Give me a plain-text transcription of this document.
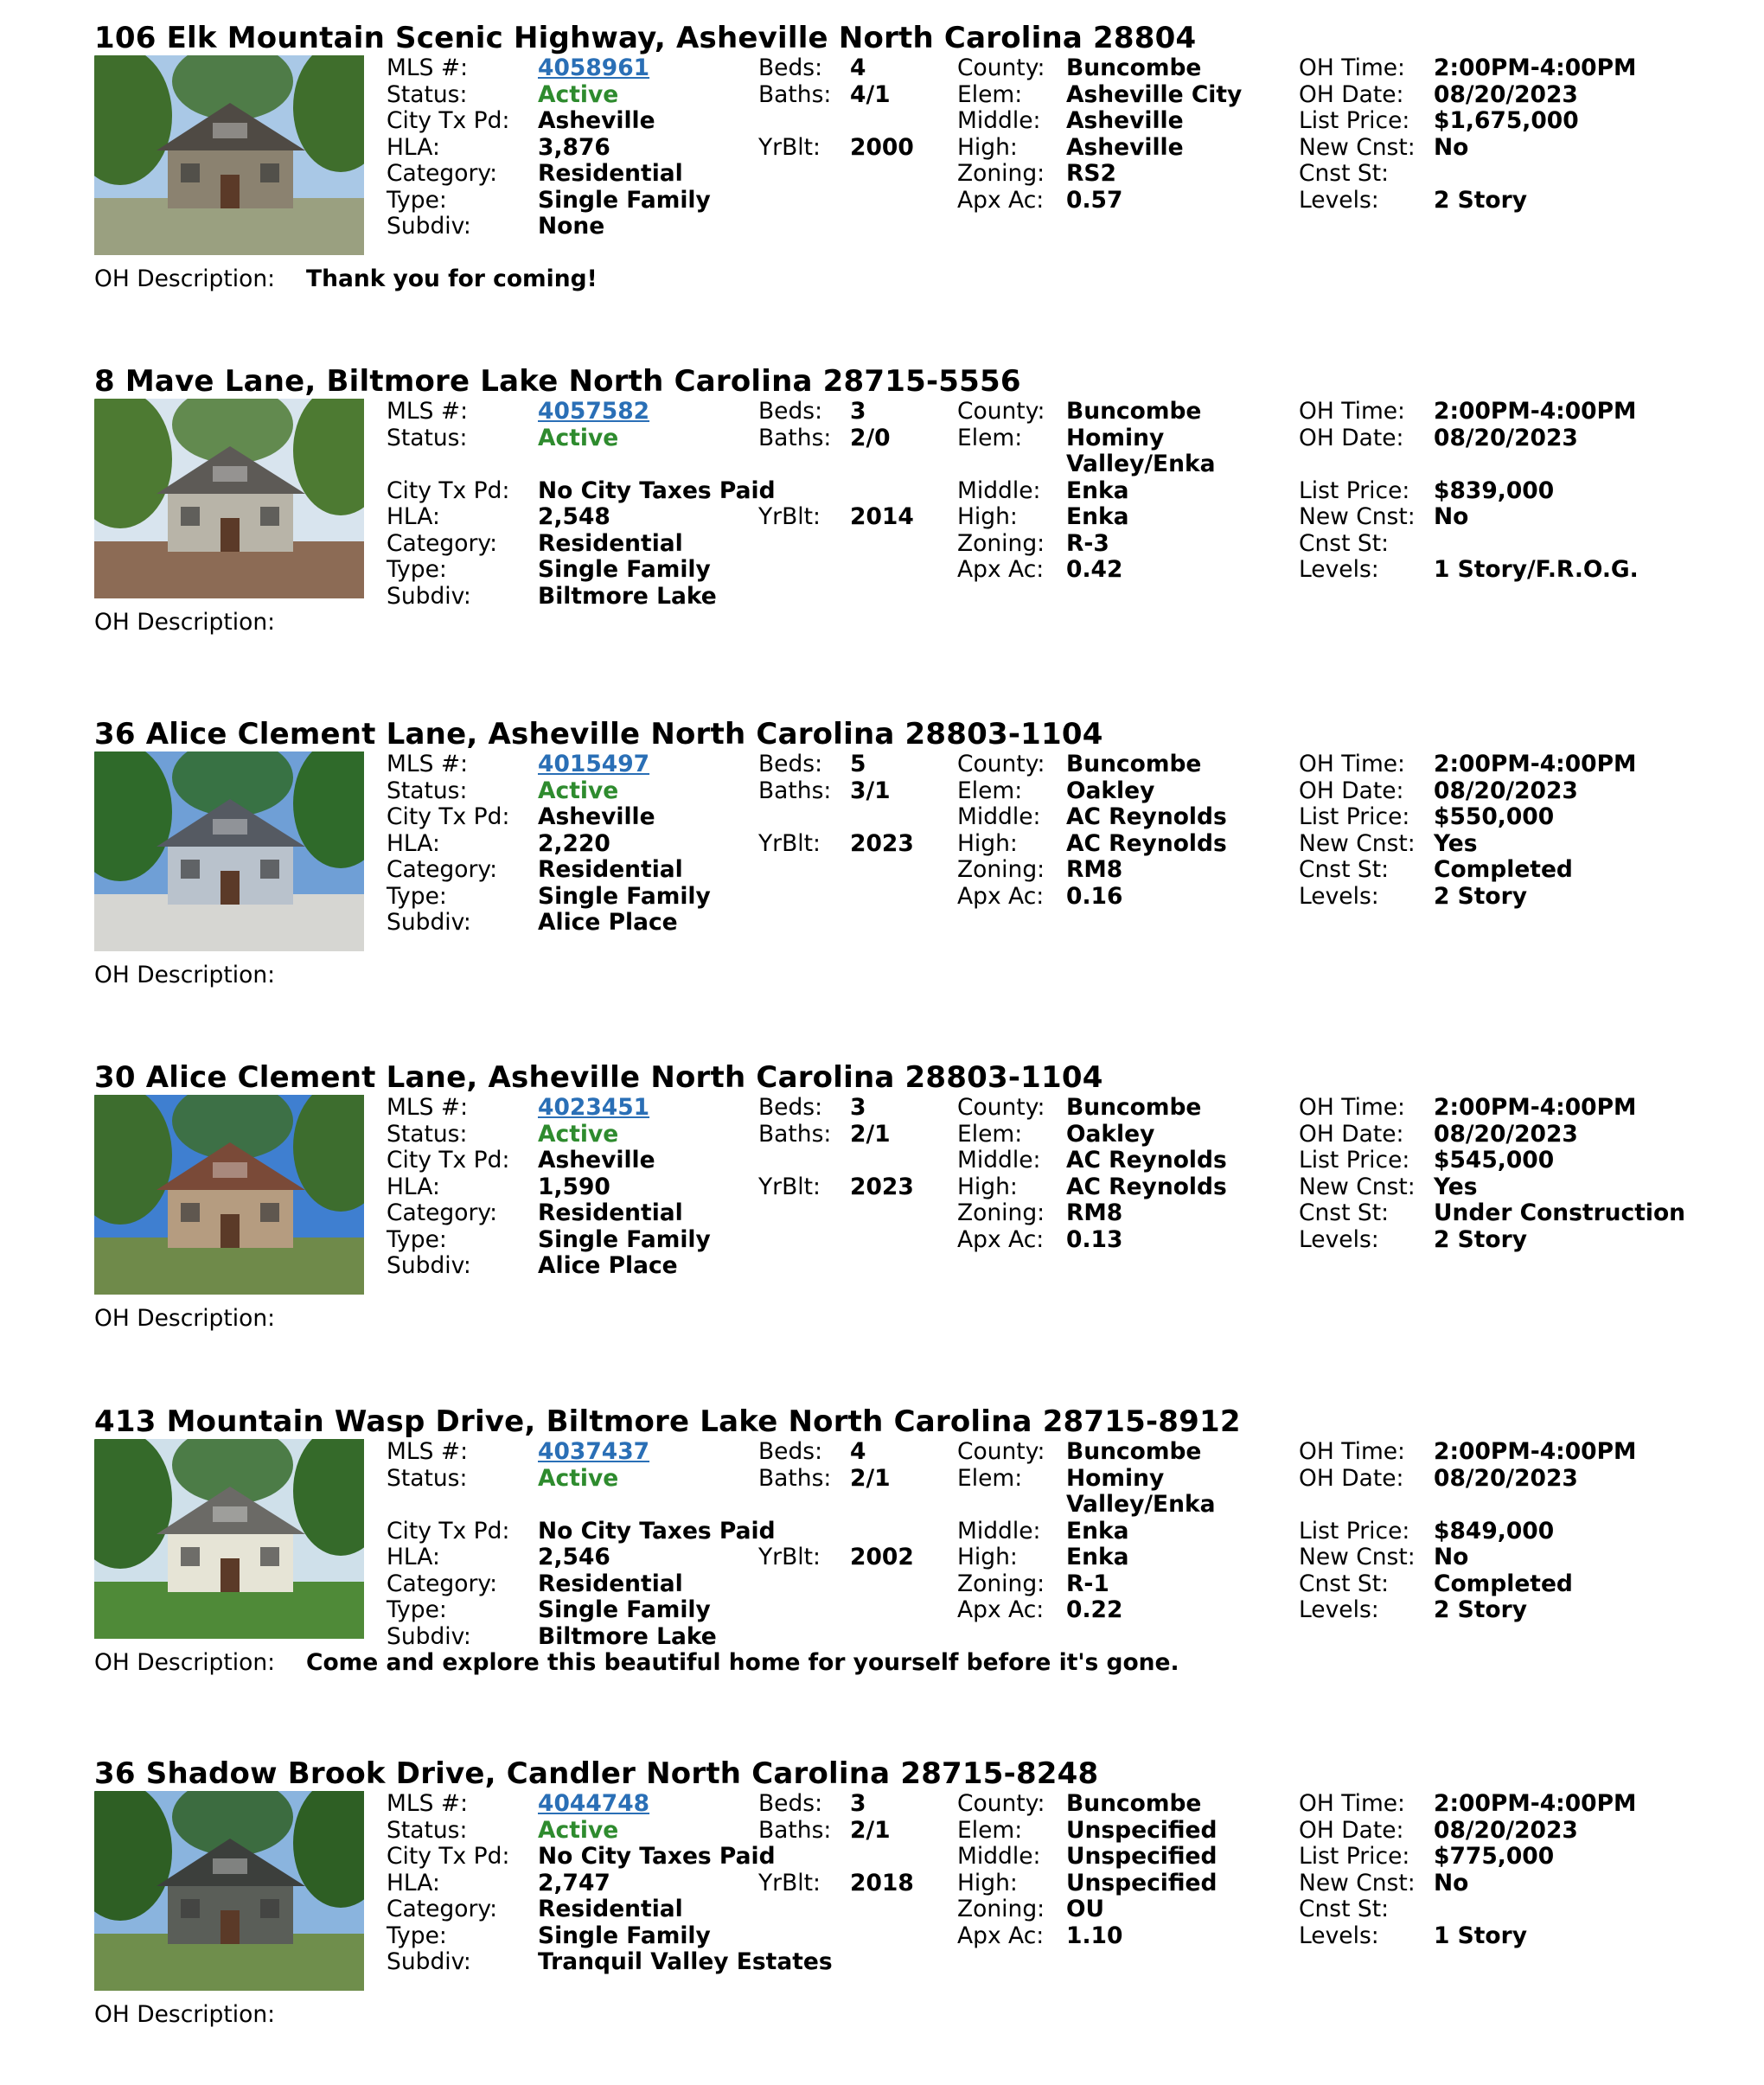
106 Elk Mountain Scenic Highway, Asheville North Carolina 28804
MLS #:	4058961
Status:	Active
City Tx Pd: Asheville
HLA:	3,876
Category: Residential
Type:	Single Family
Subdiv:	None
Beds: 4
Baths: 4/1
YrBlt: 2000
County: Buncombe
Elem: Asheville City
Middle: Asheville
High: Asheville
Zoning: RS2
Apx Ac: 0.57
OH Time: 2:00PM-4:00PM
OH Date: 08/20/2023
List Price: $1,675,000
New Cnst: No
Cnst St:
Levels: 2 Story
OH Description: Thank you for coming!
8 Mave Lane, Biltmore Lake North Carolina 28715-5556
MLS #:	4057582
Status:	Active
City Tx Pd: No City Taxes Paid
HLA:	2,548
Category: Residential
Type:	Single Family
Subdiv:	Biltmore Lake
Beds: 3
Baths: 2/0
YrBlt: 2014
County: Buncombe
Elem: Hominy
Valley/Enka
Middle: Enka
High: Enka
Zoning: R-3
Apx Ac: 0.42
OH Time: 2:00PM-4:00PM
OH Date: 08/20/2023
List Price: $839,000
New Cnst: No
Cnst St:
Levels: 1 Story/F.R.O.G.
OH Description:
36 Alice Clement Lane, Asheville North Carolina 28803-1104
MLS #:	4015497
Status:	Active
City Tx Pd: Asheville
HLA:	2,220
Category: Residential
Type:	Single Family
Subdiv:	Alice Place
Beds: 5
Baths: 3/1
YrBlt: 2023
County: Buncombe
Elem: Oakley
Middle: AC Reynolds
High: AC Reynolds
Zoning: RM8
Apx Ac: 0.16
OH Time: 2:00PM-4:00PM
OH Date: 08/20/2023
List Price: $550,000
New Cnst: Yes
Cnst St: Completed
Levels: 2 Story
OH Description:
30 Alice Clement Lane, Asheville North Carolina 28803-1104
MLS #:	4023451
Status:	Active
City Tx Pd: Asheville
HLA:	1,590
Category: Residential
Type:	Single Family
Subdiv:	Alice Place
Beds: 3
Baths: 2/1
YrBlt: 2023
County: Buncombe
Elem: Oakley
Middle: AC Reynolds
High: AC Reynolds
Zoning: RM8
Apx Ac: 0.13
OH Time: 2:00PM-4:00PM
OH Date: 08/20/2023
List Price: $545,000
New Cnst: Yes
Cnst St: Under Construction
Levels: 2 Story
OH Description:
413 Mountain Wasp Drive, Biltmore Lake North Carolina 28715-8912
MLS #:	4037437
Status:	Active
City Tx Pd: No City Taxes Paid
HLA:	2,546
Category: Residential
Type:	Single Family
Subdiv:	Biltmore Lake
Beds: 4
Baths: 2/1
YrBlt: 2002
County: Buncombe
Elem: Hominy
Valley/Enka
Middle: Enka
High: Enka
Zoning: R-1
Apx Ac: 0.22
OH Time: 2:00PM-4:00PM
OH Date: 08/20/2023
List Price: $849,000
New Cnst: No
Cnst St: Completed
Levels: 2 Story
OH Description: Come and explore this beautiful home for yourself before it's gone.
36 Shadow Brook Drive, Candler North Carolina 28715-8248
MLS #:	4044748
Status:	Active
City Tx Pd: No City Taxes Paid
HLA:	2,747
Category: Residential
Type:	Single Family
Subdiv:	Tranquil Valley Estates
Beds: 3
Baths: 2/1
YrBlt: 2018
County: Buncombe
Elem: Unspecified
Middle: Unspecified
High: Unspecified
Zoning: OU
Apx Ac: 1.10
OH Time: 2:00PM-4:00PM
OH Date: 08/20/2023
List Price: $775,000
New Cnst: No
Cnst St:
Levels: 1 Story
OH Description:
